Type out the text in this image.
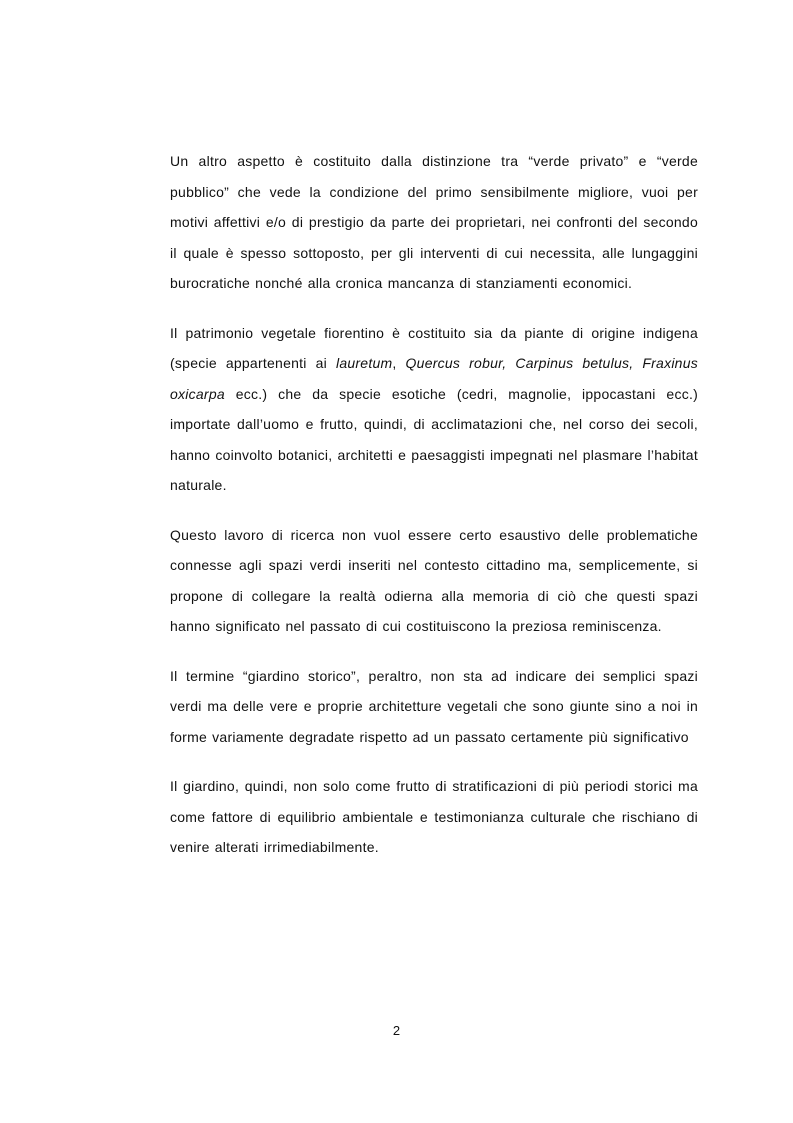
Un altro aspetto è costituito dalla distinzione tra “verde privato” e “verde pubblico” che vede la condizione del primo sensibilmente migliore, vuoi per motivi affettivi e/o di prestigio da parte dei proprietari, nei confronti del secondo il quale è spesso sottoposto, per gli interventi di cui necessita, alle lungaggini burocratiche nonché alla cronica mancanza di stanziamenti economici.

Il patrimonio vegetale fiorentino è costituito sia da piante di origine indigena (specie appartenenti ai lauretum, Quercus robur, Carpinus betulus, Fraxinus oxicarpa ecc.) che da specie esotiche (cedri, magnolie, ippocastani ecc.) importate dall’uomo e frutto, quindi, di acclimatazioni che, nel corso dei secoli, hanno coinvolto botanici, architetti e paesaggisti impegnati nel plasmare l’habitat naturale.

Questo lavoro di ricerca non vuol essere certo esaustivo delle problematiche connesse agli spazi verdi inseriti nel contesto cittadino ma, semplicemente, si propone di collegare la realtà odierna alla memoria di ciò che questi spazi hanno significato nel passato di cui costituiscono la preziosa reminiscenza.

Il termine “giardino storico”, peraltro, non sta ad indicare dei semplici spazi verdi ma delle vere e proprie architetture vegetali che sono giunte sino a noi in forme variamente degradate rispetto ad un passato certamente più significativo

Il giardino, quindi, non solo come frutto di stratificazioni di più periodi storici ma come fattore di equilibrio ambientale e testimonianza culturale che rischiano di venire alterati irrimediabilmente.

2
